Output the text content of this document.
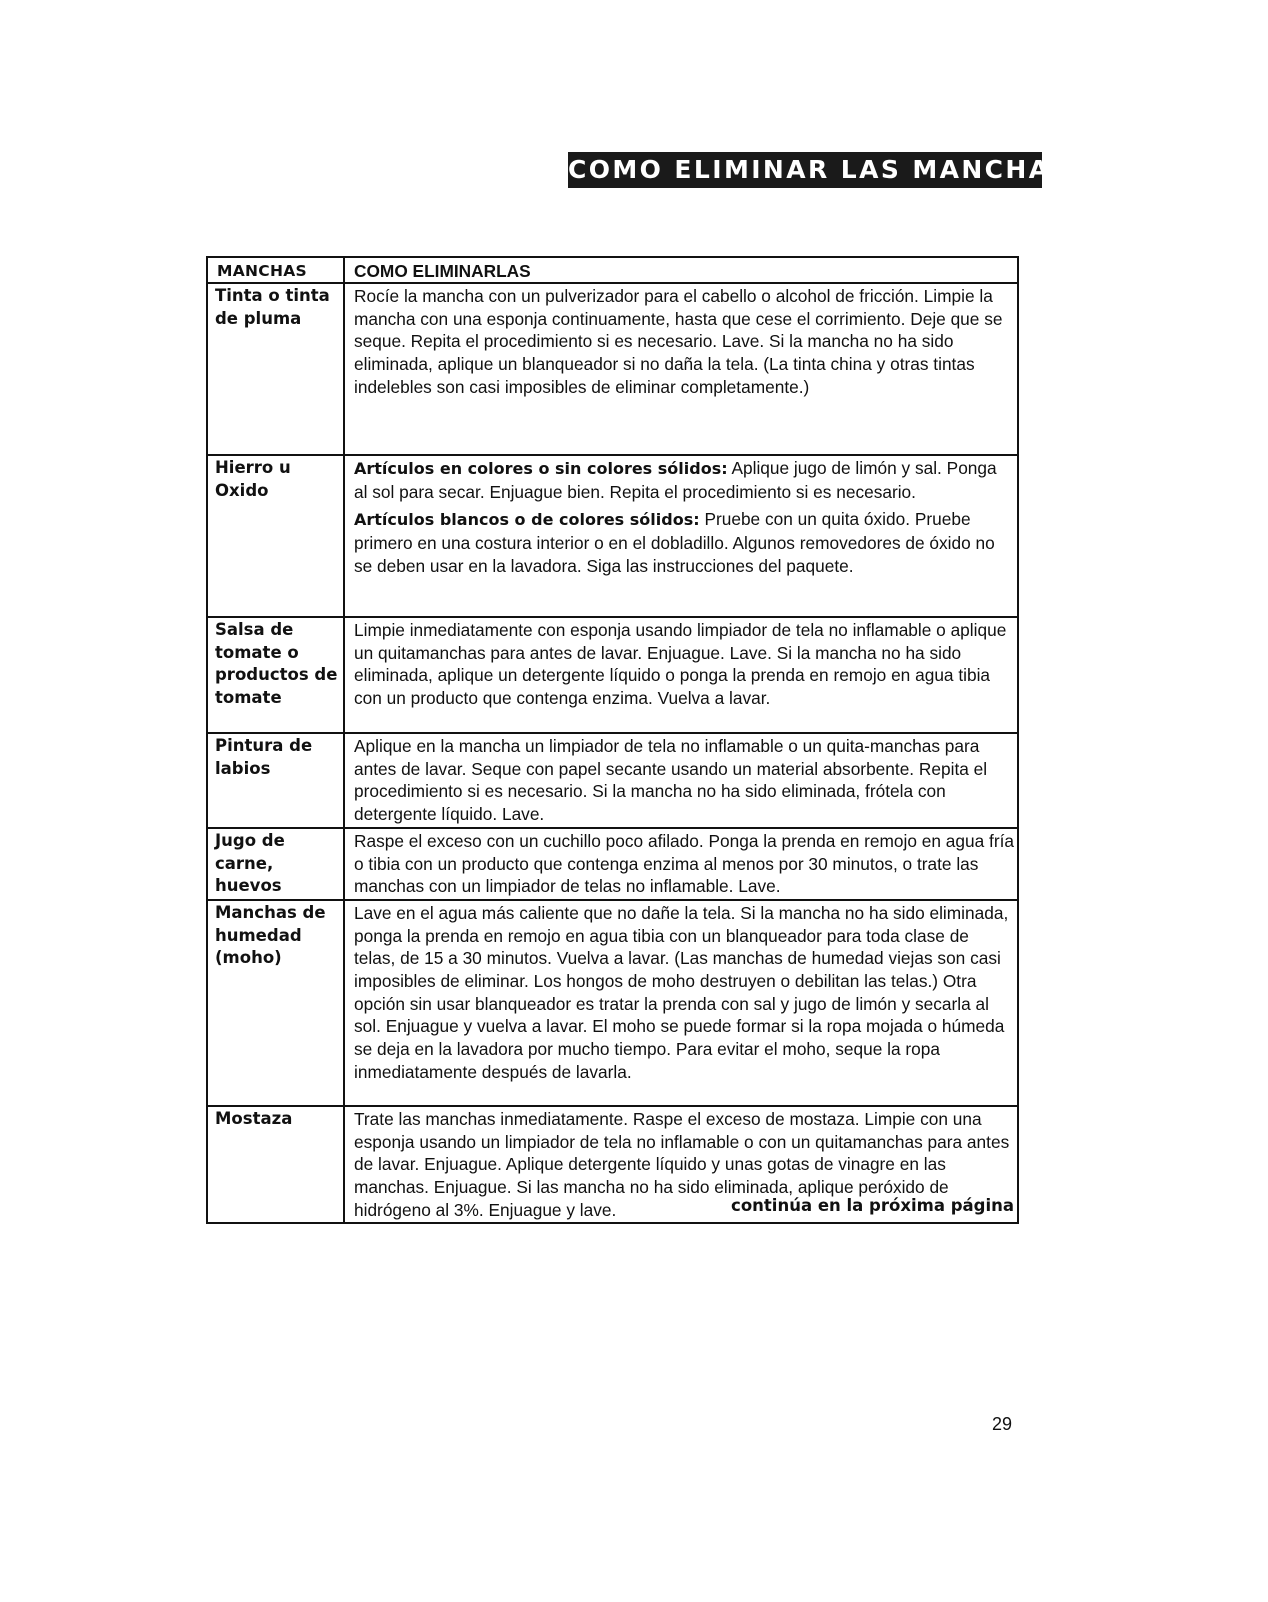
COMO ELIMINAR LAS MANCHAS
MANCHAS	COMO ELIMINARLAS
Tinta o tinta de pluma	Rocíe la mancha con un pulverizador para el cabello o alcohol de fricción. Limpie la mancha con una esponja continuamente, hasta que cese el corrimiento. Deje que se seque. Repita el procedimiento si es necesario. Lave. Si la mancha no ha sido eliminada, aplique un blanqueador si no daña la tela. (La tinta china y otras tintas indelebles son casi imposibles de eliminar completamente.)

Hierro u Oxido	Artículos en colores o sin colores sólidos: Aplique jugo de limón y sal. Ponga al sol para secar. Enjuague bien. Repita el procedimiento si es necesario.

Artículos blancos o de colores sólidos: Pruebe con un quita óxido. Pruebe primero en una costura interior o en el dobladillo. Algunos removedores de óxido no se deben usar en la lavadora. Siga las instrucciones del paquete.

Salsa de tomate o productos de tomate	Limpie inmediatamente con esponja usando limpiador de tela no inflamable o aplique un quitamanchas para antes de lavar. Enjuague. Lave. Si la mancha no ha sido eliminada, aplique un detergente líquido o ponga la prenda en remojo en agua tibia con un producto que contenga enzima. Vuelva a lavar.

Pintura de labios	Aplique en la mancha un limpiador de tela no inflamable o un quita-manchas para antes de lavar. Seque con papel secante usando un material absorbente. Repita el procedimiento si es necesario. Si la mancha no ha sido eliminada, frótela con detergente líquido. Lave.

Jugo de carne, huevos	Raspe el exceso con un cuchillo poco afilado. Ponga la prenda en remojo en agua fría o tibia con un producto que contenga enzima al menos por 30 minutos, o trate las manchas con un limpiador de telas no inflamable. Lave.

Manchas de humedad (moho)	Lave en el agua más caliente que no dañe la tela. Si la mancha no ha sido eliminada, ponga la prenda en remojo en agua tibia con un blanqueador para toda clase de telas, de 15 a 30 minutos. Vuelva a lavar. (Las manchas de humedad viejas son casi imposibles de eliminar. Los hongos de moho destruyen o debilitan las telas.) Otra opción sin usar blanqueador es tratar la prenda con sal y jugo de limón y secarla al sol. Enjuague y vuelva a lavar. El moho se puede formar si la ropa mojada o húmeda se deja en la lavadora por mucho tiempo. Para evitar el moho, seque la ropa inmediatamente después de lavarla.

Mostaza	Trate las manchas inmediatamente. Raspe el exceso de mostaza. Limpie con una esponja usando un limpiador de tela no inflamable o con un quitamanchas para antes de lavar. Enjuague. Aplique detergente líquido y unas gotas de vinagre en las manchas. Enjuague. Si las mancha no ha sido eliminada, aplique peróxido de hidrógeno al 3%. Enjuague y lave.	continúa en la próxima página
29
